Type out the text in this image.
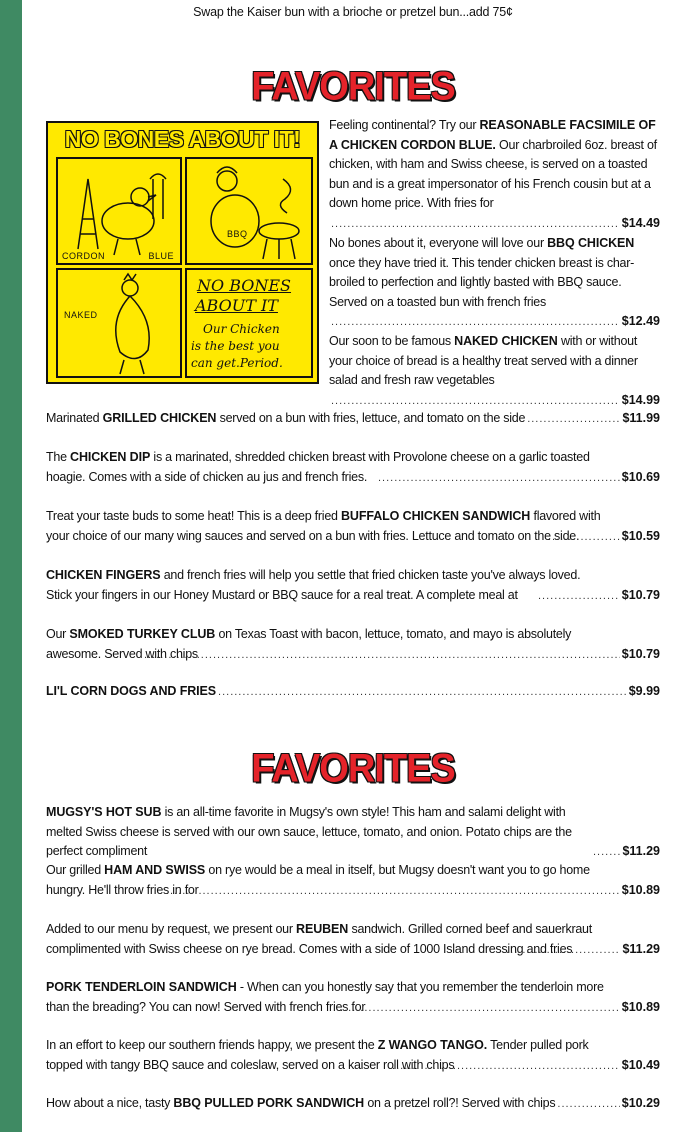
Swap the Kaiser bun with a brioche or pretzel bun...add 75¢
FAVORITES
NO BONES ABOUT IT!
CORDON	BLUE
BBQ
NAKED
NO BONES
ABOUT IT
Our Chicken
is the best you
can get.Period.
Feeling continental? Try our REASONABLE FACSIMILE OF A CHICKEN CORDON BLUE. Our charbroiled 6oz. breast of chicken, with ham and Swiss cheese, is served on a toasted bun and is a great impersonator of his French cousin but at a down home price. With fries for
.....
$14.49
No bones about it, everyone will love our BBQ CHICKEN once they have tried it. This tender chicken breast is char-broiled to perfection and lightly basted with BBQ sauce. Served on a toasted bun with french fries
.....
$12.49
Our soon to be famous NAKED CHICKEN with or without your choice of bread is a healthy treat served with a dinner salad and fresh raw vegetables
.....
$14.99
Marinated
GRILLED CHICKEN
served on a bun with fries, lettuce, and tomato on the side .....	$11.99
The CHICKEN DIP is a marinated, shredded chicken breast with Provolone cheese on a garlic toasted hoagie. Comes with a side of chicken au jus and french fries. .....	$10.69
Treat your taste buds to some heat! This is a deep fried BUFFALO CHICKEN SANDWICH flavored with your choice of our many wing sauces and served on a bun with fries. Lettuce and tomato on the side. .....	$10.59
CHICKEN FINGERS and french fries will help you settle that fried chicken taste you've always loved. Stick your fingers in our Honey Mustard or BBQ sauce for a real treat. A complete meal at .....	$10.79
Our SMOKED TURKEY CLUB on Texas Toast with bacon, lettuce, tomato, and mayo is absolutely awesome. Served with chips .....	$10.79
LI'L CORN DOGS AND FRIES .....	$9.99
FAVORITES
MUGSY'S HOT SUB is an all-time favorite in Mugsy's own style! This ham and salami delight with melted Swiss cheese is served with our own sauce, lettuce, tomato, and onion. Potato chips are the perfect compliment .....	$11.29
Our grilled HAM AND SWISS on rye would be a meal in itself, but Mugsy doesn't want you to go home hungry. He'll throw fries in for .....	$10.89
Added to our menu by request, we present our REUBEN sandwich. Grilled corned beef and sauerkraut complimented with Swiss cheese on rye bread. Comes with a side of 1000 Island dressing and fries .....	$11.29
PORK TENDERLOIN SANDWICH - When can you honestly say that you remember the tenderloin more than the breading? You can now! Served with french fries for .....	$10.89
In an effort to keep our southern friends happy, we present the Z WANGO TANGO. Tender pulled pork topped with tangy BBQ sauce and coleslaw, served on a kaiser roll with chips .....	$10.49
How about a nice, tasty
BBQ PULLED PORK SANDWICH
on a pretzel roll?! Served with chips .....	$10.29
